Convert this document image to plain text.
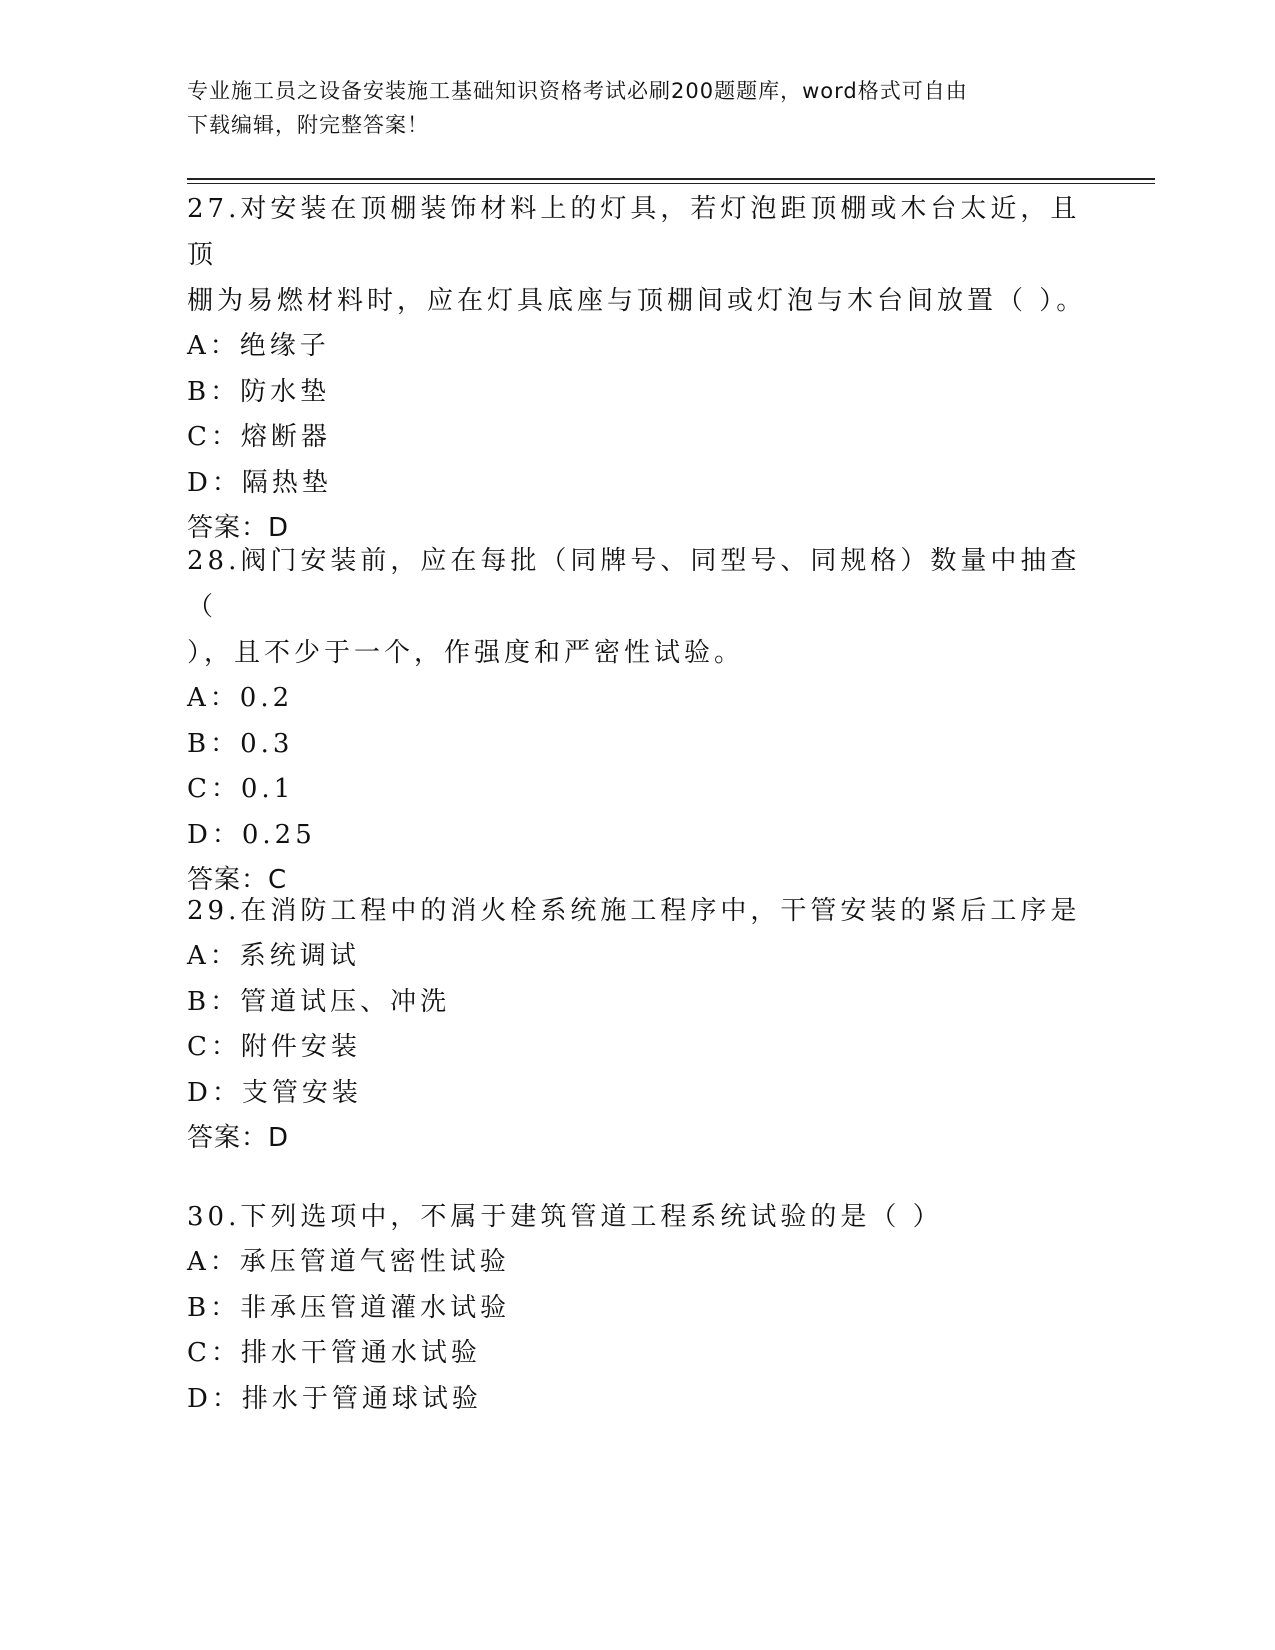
专业施工员之设备安装施工基础知识资格考试必刷200题题库，word格式可自由
下载编辑，附完整答案！

27.对安装在顶棚装饰材料上的灯具，若灯泡距顶棚或木台太近，且顶

棚为易燃材料时，应在灯具底座与顶棚间或灯泡与木台间放置（ ）。

A：绝缘子

B：防水垫

C：熔断器

D：隔热垫

答案：D

28.阀门安装前，应在每批（同牌号、同型号、同规格）数量中抽查（

），且不少于一个，作强度和严密性试验。

A：0.2

B：0.3

C：0.1

D：0.25

答案：C

29.在消防工程中的消火栓系统施工程序中，干管安装的紧后工序是

A：系统调试

B：管道试压、冲洗

C：附件安装

D：支管安装

答案：D

30.下列选项中，不属于建筑管道工程系统试验的是（ ）

A：承压管道气密性试验

B：非承压管道灌水试验

C：排水干管通水试验

D：排水于管通球试验
